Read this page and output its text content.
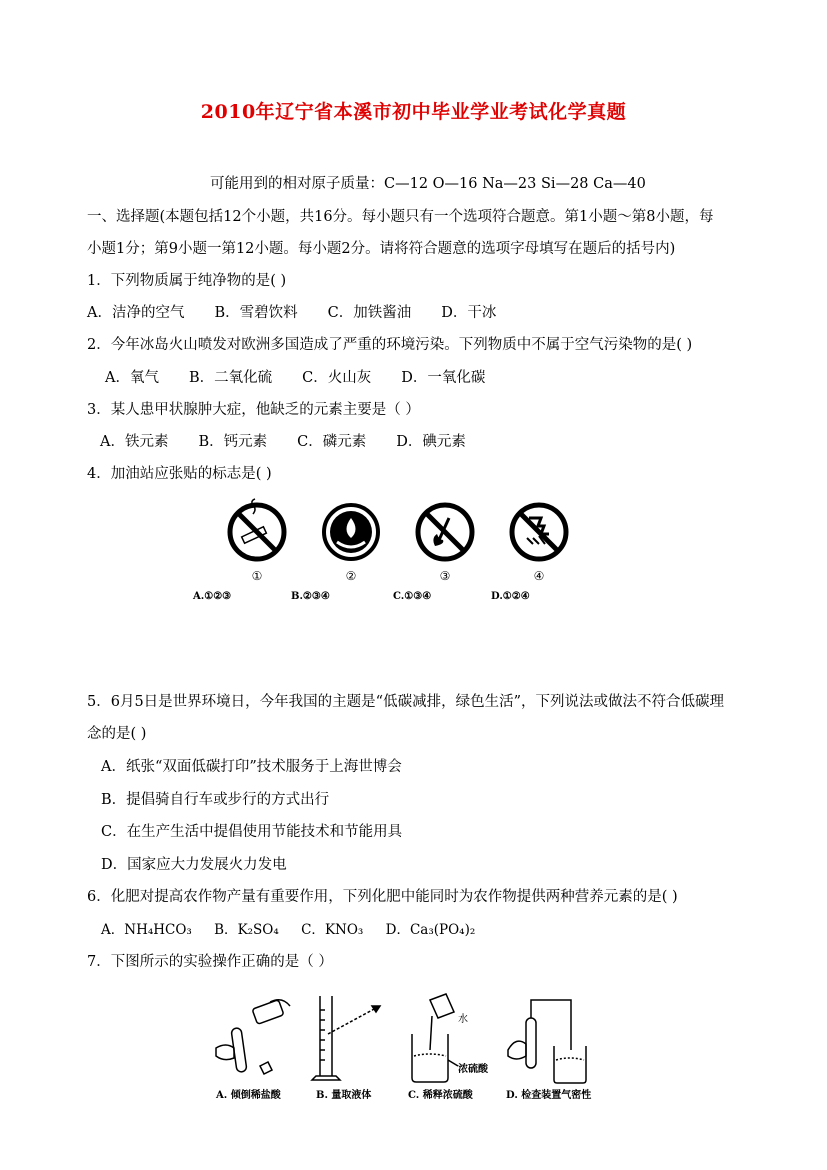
2010年辽宁省本溪市初中毕业学业考试化学真题
可能用到的相对原子质量：C—12 O—16 Na—23 Si—28 Ca—40
一、选择题(本题包括12个小题，共16分。每小题只有一个选项符合题意。第1小题～第8小题，每
小题1分；第9小题一第12小题。每小题2分。请将符合题意的选项字母填写在题后的括号内)
1．下列物质属于纯净物的是( )
A．洁净的空气 B．雪碧饮料 C．加铁酱油 D．干冰
2．今年冰岛火山喷发对欧洲多国造成了严重的环境污染。下列物质中不属于空气污染物的是( )
A．氧气 B．二氧化硫 C．火山灰 D．一氧化碳
3．某人患甲状腺肿大症，他缺乏的元素主要是（ ）
A．铁元素 B．钙元素 C．磷元素 D．碘元素
4．加油站应张贴的标志是( )
①	②	③	④
A.①②③	B.②③④	C.①③④	D.①②④
5．6月5日是世界环境日，今年我国的主题是“低碳减排，绿色生活”，下列说法或做法不符合低碳理
念的是( )
A．纸张“双面低碳打印”技术服务于上海世博会
B．提倡骑自行车或步行的方式出行
C．在生产生活中提倡使用节能技术和节能用具
D．国家应大力发展火力发电
6．化肥对提高农作物产量有重要作用，下列化肥中能同时为农作物提供两种营养元素的是( )
A．NH₄HCO₃ B．K₂SO₄ C．KNO₃ D．Ca₃(PO₄)₂
7．下图所示的实验操作正确的是（ ）
水
浓硫酸
A. 倾倒稀盐酸	B. 量取液体	C. 稀释浓硫酸	D. 检查装置气密性
